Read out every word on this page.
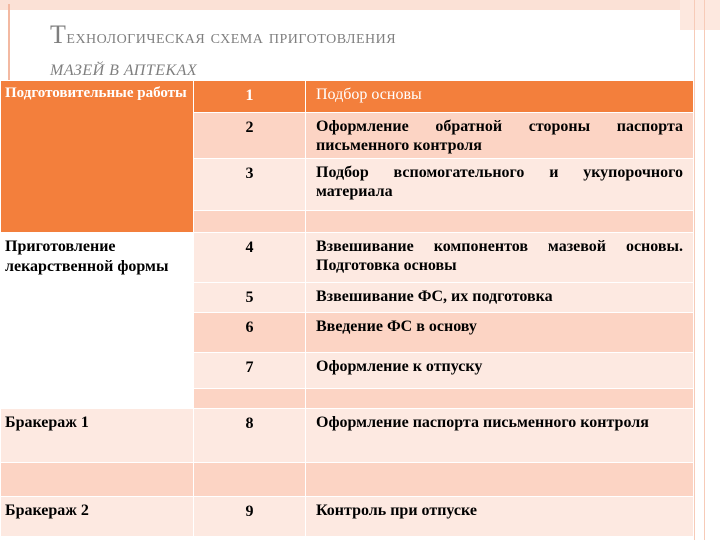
Технологическая схема приготовления
МАЗЕЙ В АПТЕКАХ
Подготовительные работы	1	Подбор основы
	2	Оформление обратной стороны паспорта письменного контроля
	3	Подбор вспомогательного и укупорочного материала

Приготовление лекарственной формы	4	Взвешивание компонентов мазевой основы. Подготовка основы
	5	Взвешивание ФС, их подготовка
	6	Введение ФС в основу
	7	Оформление к отпуску

Бракераж 1	8	Оформление паспорта письменного контроля

Бракераж 2	9	Контроль при отпуске
